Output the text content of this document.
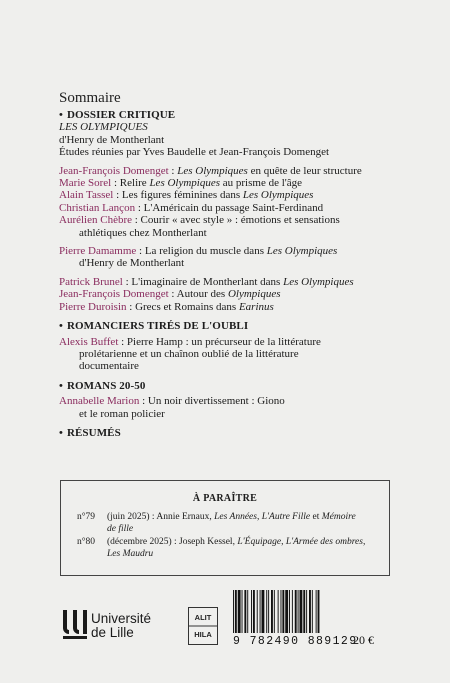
Sommaire
• DOSSIER CRITIQUE
LES OLYMPIQUES
d'Henry de Montherlant
Études réunies par Yves Baudelle et Jean-François Domenget
Jean-François Domenget : Les Olympiques en quête de leur structure
Marie Sorel : Relire Les Olympiques au prisme de l'âge
Alain Tassel : Les figures féminines dans Les Olympiques
Christian Lançon : L'Américain du passage Saint-Ferdinand
Aurélien Chèbre : Courir « avec style » : émotions et sensations
athlétiques chez Montherlant
Pierre Damamme : La religion du muscle dans Les Olympiques
d'Henry de Montherlant
Patrick Brunel : L'imaginaire de Montherlant dans Les Olympiques
Jean-François Domenget : Autour des Olympiques
Pierre Duroisin : Grecs et Romains dans Earinus
• ROMANCIERS TIRÉS DE L'OUBLI
Alexis Buffet : Pierre Hamp : un précurseur de la littérature
prolétarienne et un chaînon oublié de la littérature
documentaire
• ROMANS 20-50
Annabelle Marion : Un noir divertissement : Giono
et le roman policier
• RÉSUMÉS
À PARAÎTRE
n°79 (juin 2025) : Annie Ernaux, Les Années, L'Autre Fille et Mémoire
de fille
n°80 (décembre 2025) : Joseph Kessel, L'Équipage, L'Armée des ombres,
Les Maudru
Université
de Lille
ALIT
HILA
9 782490 889129
20 €
